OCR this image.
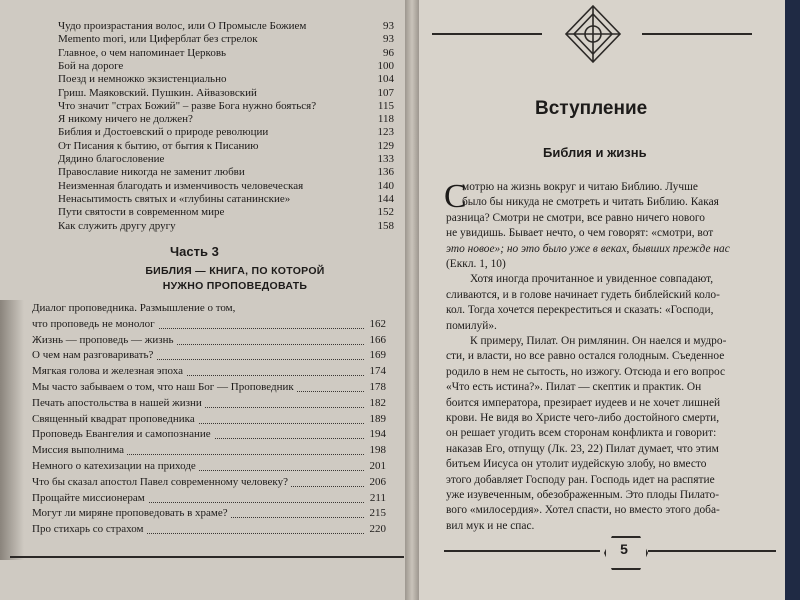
Чудо произрастания волос, или О Промысле Божием	93
Memento mori, или Циферблат без стрелок	93
Главное, о чем напоминает Церковь	96
Бой на дороге	100
Поезд и немножко экзистенциально	104
Гриш. Маяковский. Пушкин. Айвазовский	107
Что значит "страх Божий" – разве Бога нужно бояться?	115
Я никому ничего не должен?	118
Библия и Достоевский о природе революции	123
От Писания к бытию, от бытия к Писанию	129
Дядино благословение	133
Православие никогда не заменит любви	136
Неизменная благодать и изменчивость человеческая	140
Ненасытимость святых и «глубины сатанинские»	144
Пути святости в современном мире	152
Как служить другу другу	158
Часть 3
БИБЛИЯ — КНИГА, ПО КОТОРОЙ
НУЖНО ПРОПОВЕДОВАТЬ
Диалог проповедника. Размышление о том,
что проповедь не монолог	162
Жизнь — проповедь — жизнь	166
О чем нам разговаривать?	169
Мягкая голова и железная эпоха	174
Мы часто забываем о том, что наш Бог — Проповедник	178
Печать апостольства в нашей жизни	182
Священный квадрат проповедника	189
Проповедь Евангелия и самопознание	194
Миссия выполнима	198
Немного о катехизации на приходе	201
Что бы сказал апостол Павел современному человеку?	206
Прощайте миссионерам	211
Могут ли миряне проповедовать в храме?	215
Про стихарь со страхом	220
Вступление
Библия и жизнь
С
мотрю на жизнь вокруг и читаю Библию. Лучше
было бы никуда не смотреть и читать Библию. Какая
разница? Смотри не смотри, все равно ничего нового
не увидишь. Бывает нечто, о чем говорят: «смотри, вот
это новое»; но это было уже в веках, бывших прежде нас
(Еккл. 1, 10)
Хотя иногда прочитанное и увиденное совпадают,
сливаются, и в голове начинает гудеть библейский коло-
кол. Тогда хочется перекреститься и сказать: «Господи,
помилуй».
К примеру, Пилат. Он римлянин. Он наелся и мудро-
сти, и власти, но все равно остался голодным. Съеденное
родило в нем не сытость, но изжогу. Отсюда и его вопрос
«Что есть истина?». Пилат — скептик и практик. Он
боится императора, презирает иудеев и не хочет лишней
крови. Не видя во Христе чего-либо достойного смерти,
он решает угодить всем сторонам конфликта и говорит:
наказав Его, отпущу (Лк. 23, 22) Пилат думает, что этим
битьем Иисуса он утолит иудейскую злобу, но вместо
этого добавляет Господу ран. Господь идет на распятие
уже изувеченным, обезображенным. Это плоды Пилато-
вого «милосердия». Хотел спасти, но вместо этого доба-
вил мук и не спас.
5
